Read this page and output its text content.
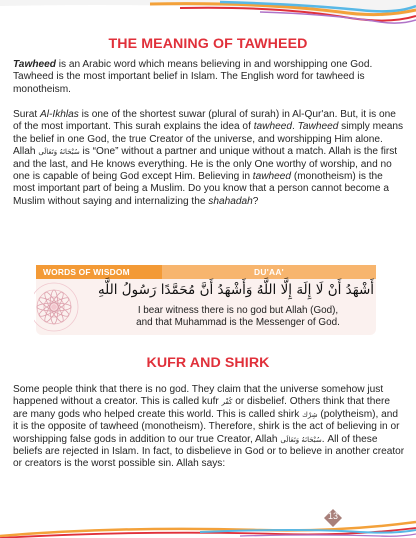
THE MEANING OF TAWHEED

Tawheed is an Arabic word which means believing in and worshipping one God. Tawheed is the most important belief in Islam. The English word for tawheed is monotheism.

Surat Al-Ikhlas is one of the shortest suwar (plural of surah) in Al-Qur'an. But, it is one of the most important. This surah explains the idea of tawheed. Tawheed simply means the belief in one God, the true Creator of the universe, and worshipping Him alone. Allah سُبْحَانَهُ وَتَعَالَى is “One” without a partner and unique without a match. Allah is the first and the last, and He knows everything. He is the only One worthy of worship, and no one is capable of being God except Him. Believing in tawheed (monotheism) is the most important part of being a Muslim. Do you know that a person cannot become a Muslim without saying and internalizing the shahadah?

WORDS OF WISDOM	DU'AA'
أَشْهَدُ أَنْ لَا إِلَهَ إِلَّا اللَّهُ وَأَشْهَدُ أَنَّ مُحَمَّدًا رَسُولُ اللَّهِ
I bear witness there is no god but Allah (God),
and that Muhammad is the Messenger of God.
KUFR AND SHIRK

Some people think that there is no god. They claim that the universe somehow just happened without a creator. This is called kufr كُفْر or disbelief. Others think that there are many gods who helped create this world. This is called shirk شِرْك (polytheism), and it is the opposite of tawheed (monotheism). Therefore, shirk is the act of believing in or worshipping false gods in addition to our true Creator, Allah سُبْحَانَهُ وَتَعَالَى. All of these beliefs are rejected in Islam. In fact, to disbelieve in God or to believe in another creator or creators is the worst possible sin. Allah says:

13
